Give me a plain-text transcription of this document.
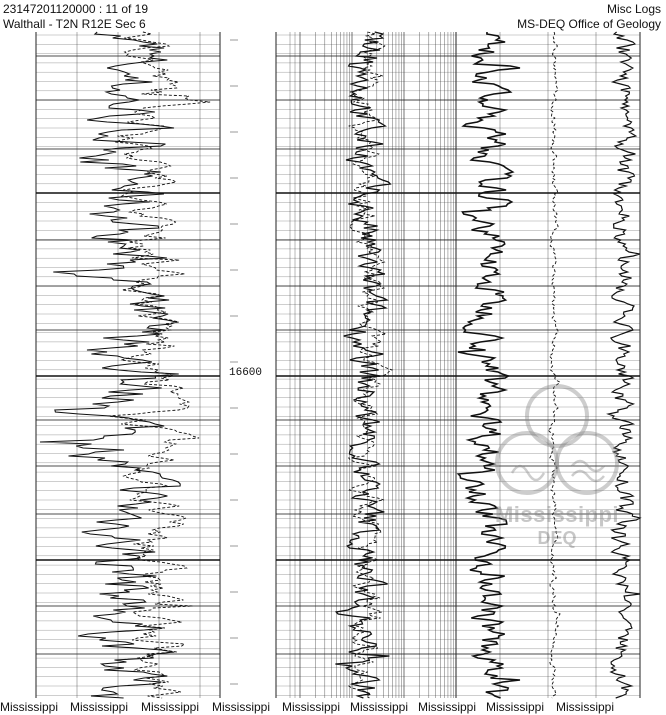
23147201120000 : 11 of 19
Walthall - T2N R12E Sec 6
Misc Logs
MS-DEQ Office of Geology
16600
Mississippi
DEQ
Mississippi Mississippi Mississippi Mississippi Mississippi Mississippi Mississippi Mississippi Mississippi
